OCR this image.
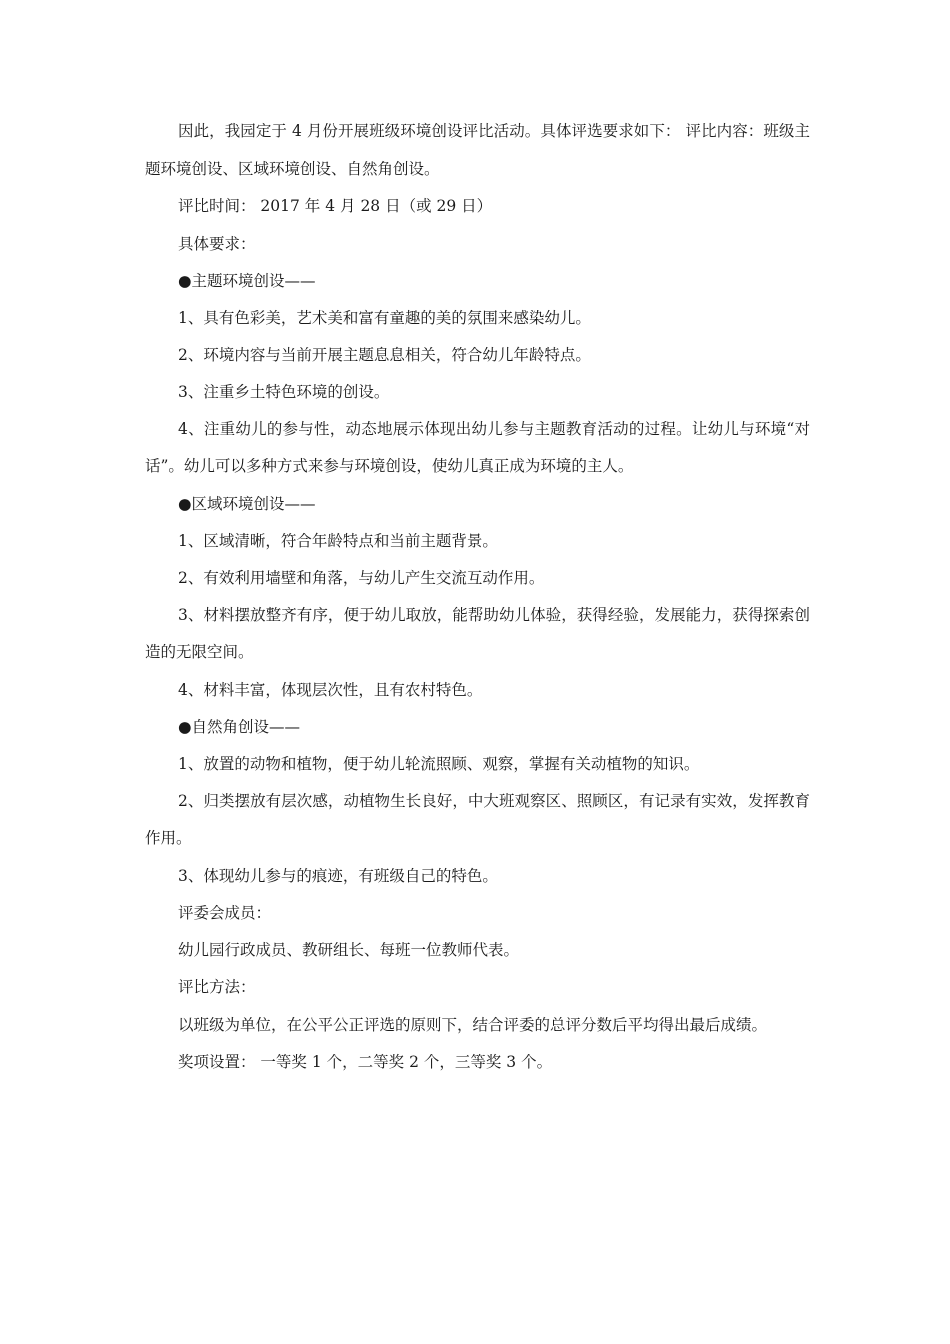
因此，我园定于 4 月份开展班级环境创设评比活动。具体评选要求如下： 评比内容：班级主题环境创设、区域环境创设、自然角创设。
评比时间： 2017 年 4 月 28 日（或 29 日）
具体要求：
●主题环境创设——
1、具有色彩美，艺术美和富有童趣的美的氛围来感染幼儿。
2、环境内容与当前开展主题息息相关，符合幼儿年龄特点。
3、注重乡土特色环境的创设。
4、注重幼儿的参与性，动态地展示体现出幼儿参与主题教育活动的过程。让幼儿与环境“对话”。幼儿可以多种方式来参与环境创设，使幼儿真正成为环境的主人。
●区域环境创设——
1、区域清晰，符合年龄特点和当前主题背景。
2、有效利用墙壁和角落，与幼儿产生交流互动作用。
3、材料摆放整齐有序，便于幼儿取放，能帮助幼儿体验，获得经验，发展能力，获得探索创造的无限空间。
4、材料丰富，体现层次性，且有农村特色。
●自然角创设——
1、放置的动物和植物，便于幼儿轮流照顾、观察，掌握有关动植物的知识。
2、归类摆放有层次感，动植物生长良好，中大班观察区、照顾区，有记录有实效，发挥教育作用。
3、体现幼儿参与的痕迹，有班级自己的特色。
评委会成员：
幼儿园行政成员、教研组长、每班一位教师代表。
评比方法：
以班级为单位，在公平公正评选的原则下，结合评委的总评分数后平均得出最后成绩。
奖项设置： 一等奖 1 个，二等奖 2 个，三等奖 3 个。
